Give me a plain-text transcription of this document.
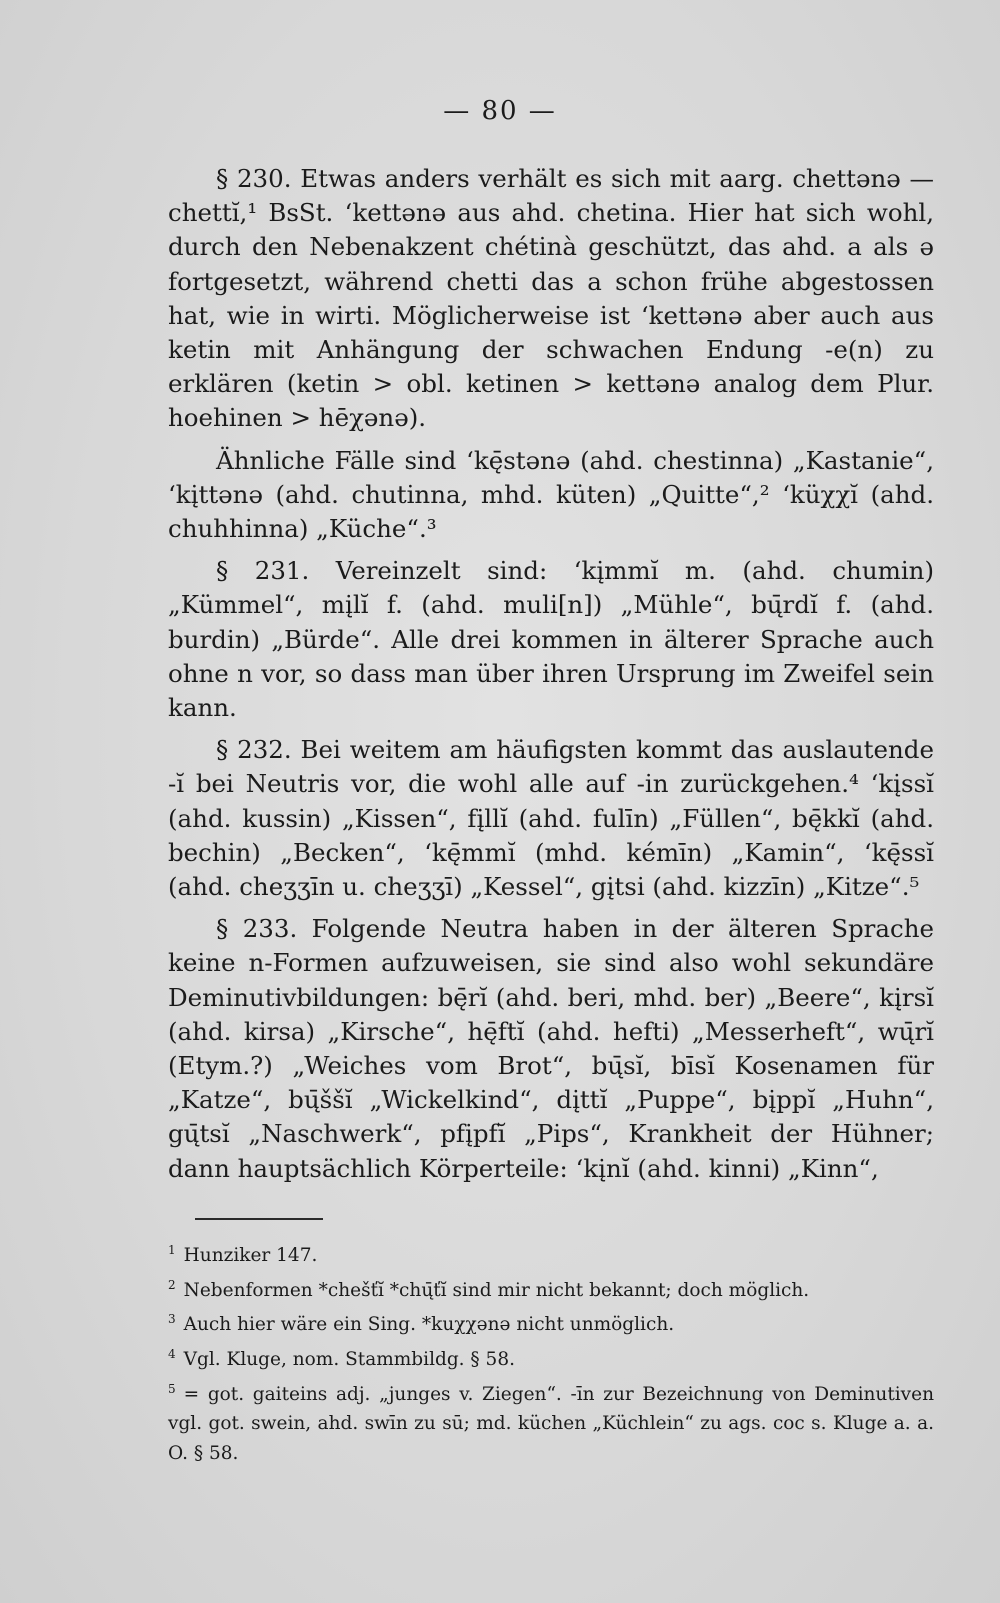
— 80 —

§ 230. Etwas anders verhält es sich mit aarg. chettənə — chettĭ,¹ BsSt. ʻkettənə aus ahd. chetina. Hier hat sich wohl, durch den Nebenakzent chétinà geschützt, das ahd. a als ə fortgesetzt, während chetti das a schon frühe abgestossen hat, wie in wirti. Möglicherweise ist ʻkettənə aber auch aus ketin mit Anhängung der schwachen Endung -e(n) zu erklären (ketin > obl. ketinen > kettənə analog dem Plur. hoehinen > hēχənə).

Ähnliche Fälle sind ʻkę̄stənə (ahd. chestinna) „Kastanie“, ʻkįttənə (ahd. chutinna, mhd. küten) „Quitte“,² ʻküχχĭ (ahd. chuhhinna) „Küche“.³

§ 231. Vereinzelt sind: ʻkįmmĭ m. (ahd. chumin) „Kümmel“, mįlĭ f. (ahd. muli[n]) „Mühle“, bų̄rdĭ f. (ahd. burdin) „Bürde“. Alle drei kommen in älterer Sprache auch ohne n vor, so dass man über ihren Ursprung im Zweifel sein kann.

§ 232. Bei weitem am häufigsten kommt das auslautende -ĭ bei Neutris vor, die wohl alle auf -in zurückgehen.⁴ ʻkįssĭ (ahd. kussin) „Kissen“, fįllĭ (ahd. fulīn) „Füllen“, bę̄kkĭ (ahd. bechin) „Becken“, ʻkę̄mmĭ (mhd. kémīn) „Kamin“, ʻkę̄ssĭ (ahd. cheʒʒīn u. cheʒʒī) „Kessel“, gįtsi (ahd. kizzīn) „Kitze“.⁵

§ 233. Folgende Neutra haben in der älteren Sprache keine n-Formen aufzuweisen, sie sind also wohl sekundäre Deminutivbildungen: bę̄rĭ (ahd. beri, mhd. ber) „Beere“, kįrsĭ (ahd. kirsa) „Kirsche“, hę̄ftĭ (ahd. hefti) „Messerheft“, wų̄rĭ (Etym.?) „Weiches vom Brot“, bų̄sĭ, bīsĭ Kosenamen für „Katze“, bų̄ššĭ „Wickelkind“, dįttĭ „Puppe“, bįppĭ „Huhn“, gų̄tsĭ „Naschwerk“, pfįpfĭ „Pips“, Krankheit der Hühner; dann hauptsächlich Körperteile: ʻkįnĭ (ahd. kinni) „Kinn“,

$^1$ Hunziker 147.

$^2$ Nebenformen *chešťĭ *chų̄ťĭ sind mir nicht bekannt; doch möglich.

$^3$ Auch hier wäre ein Sing. *kuχχənə nicht unmöglich.

$^4$ Vgl. Kluge, nom. Stammbildg. § 58.

$^5$ = got. gaiteins adj. „junges v. Ziegen“. -īn zur Bezeichnung von Deminutiven vgl. got. swein, ahd. swīn zu sū; md. küchen „Küchlein“ zu ags. coc s. Kluge a. a. O. § 58.
